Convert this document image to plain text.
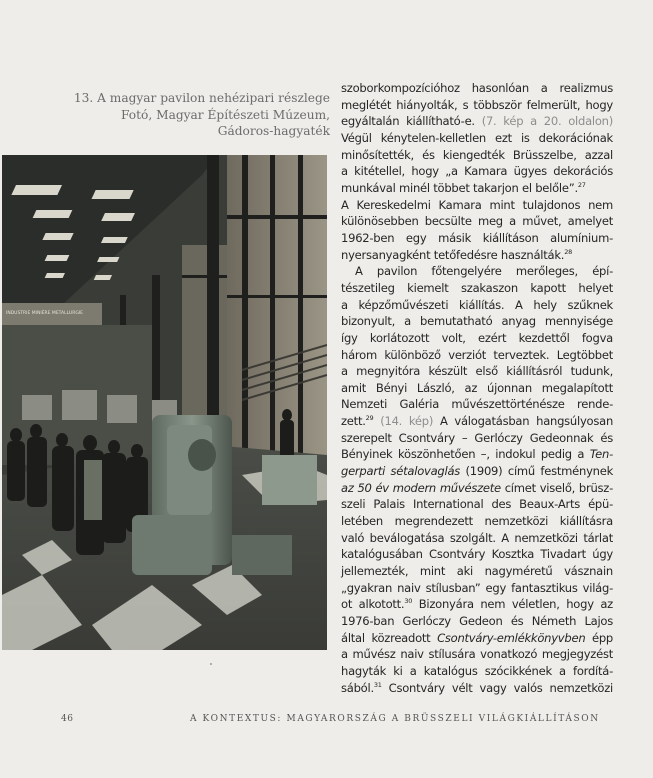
13. A magyar pavilon nehézipari részlege
Fotó, Magyar Építészeti Múzeum,
Gádoros-hagyaték
INDUSTRIE MINIÈRE METALLURGIE
szoborkompozícióhoz hasonlóan a realizmus
meglétét hiányolták, s többször felmerült, hogy
egyáltalán kiállítható-e. (7. kép a 20. oldalon)
Végül kénytelen-kelletlen ezt is dekorációnak
minősítették, és kiengedték Brüsszelbe, azzal
a kitétellel, hogy „a Kamara ügyes dekorációs
munkával minél többet takarjon el belőle”.$^{27}$
A Kereskedelmi Kamara mint tulajdonos nem
különösebben becsülte meg a művet, amelyet
1962-ben egy másik kiállításon alumínium-
nyersanyagként tetőfedésre használták.$^{28}$
A pavilon főtengelyére merőleges, épí-
tészetileg kiemelt szakaszon kapott helyet
a képzőművészeti kiállítás. A hely szűknek
bizonyult, a bemutatható anyag mennyisége
így korlátozott volt, ezért kezdettől fogva
három különböző verziót terveztek. Legtöbbet
a megnyitóra készült első kiállításról tudunk,
amit Bényi László, az újonnan megalapított
Nemzeti Galéria művészettörténésze rende-
zett.$^{29}$ (14. kép) A válogatásban hangsúlyosan
szerepelt Csontváry – Gerlóczy Gedeonnak és
Bényinek köszönhetően –, indokul pedig a Ten-
gerparti sétalovaglás (1909) című festménynek
az 50 év modern művészete címet viselő, brüsz-
szeli Palais International des Beaux-Arts épü-
letében megrendezett nemzetközi kiállításra
való beválogatása szolgált. A nemzetközi tárlat
katalógusában Csontváry Kosztka Tivadart úgy
jellemezték, mint aki nagyméretű vásznain
„gyakran naiv stílusban” egy fantasztikus világ-
ot alkotott.$^{30}$ Bizonyára nem véletlen, hogy az
1976-ban Gerlóczy Gedeon és Németh Lajos
által közreadott Csontváry-emlékkönyvben épp
a művész naiv stílusára vonatkozó megjegyzést
hagyták ki a katalógus szócikkének a fordítá-
sából.$^{31}$ Csontváry vélt vagy valós nemzetközi
46	A KONTEXTUS: MAGYARORSZÁG A BRÜSSZELI VILÁGKIÁLLÍTÁSON
